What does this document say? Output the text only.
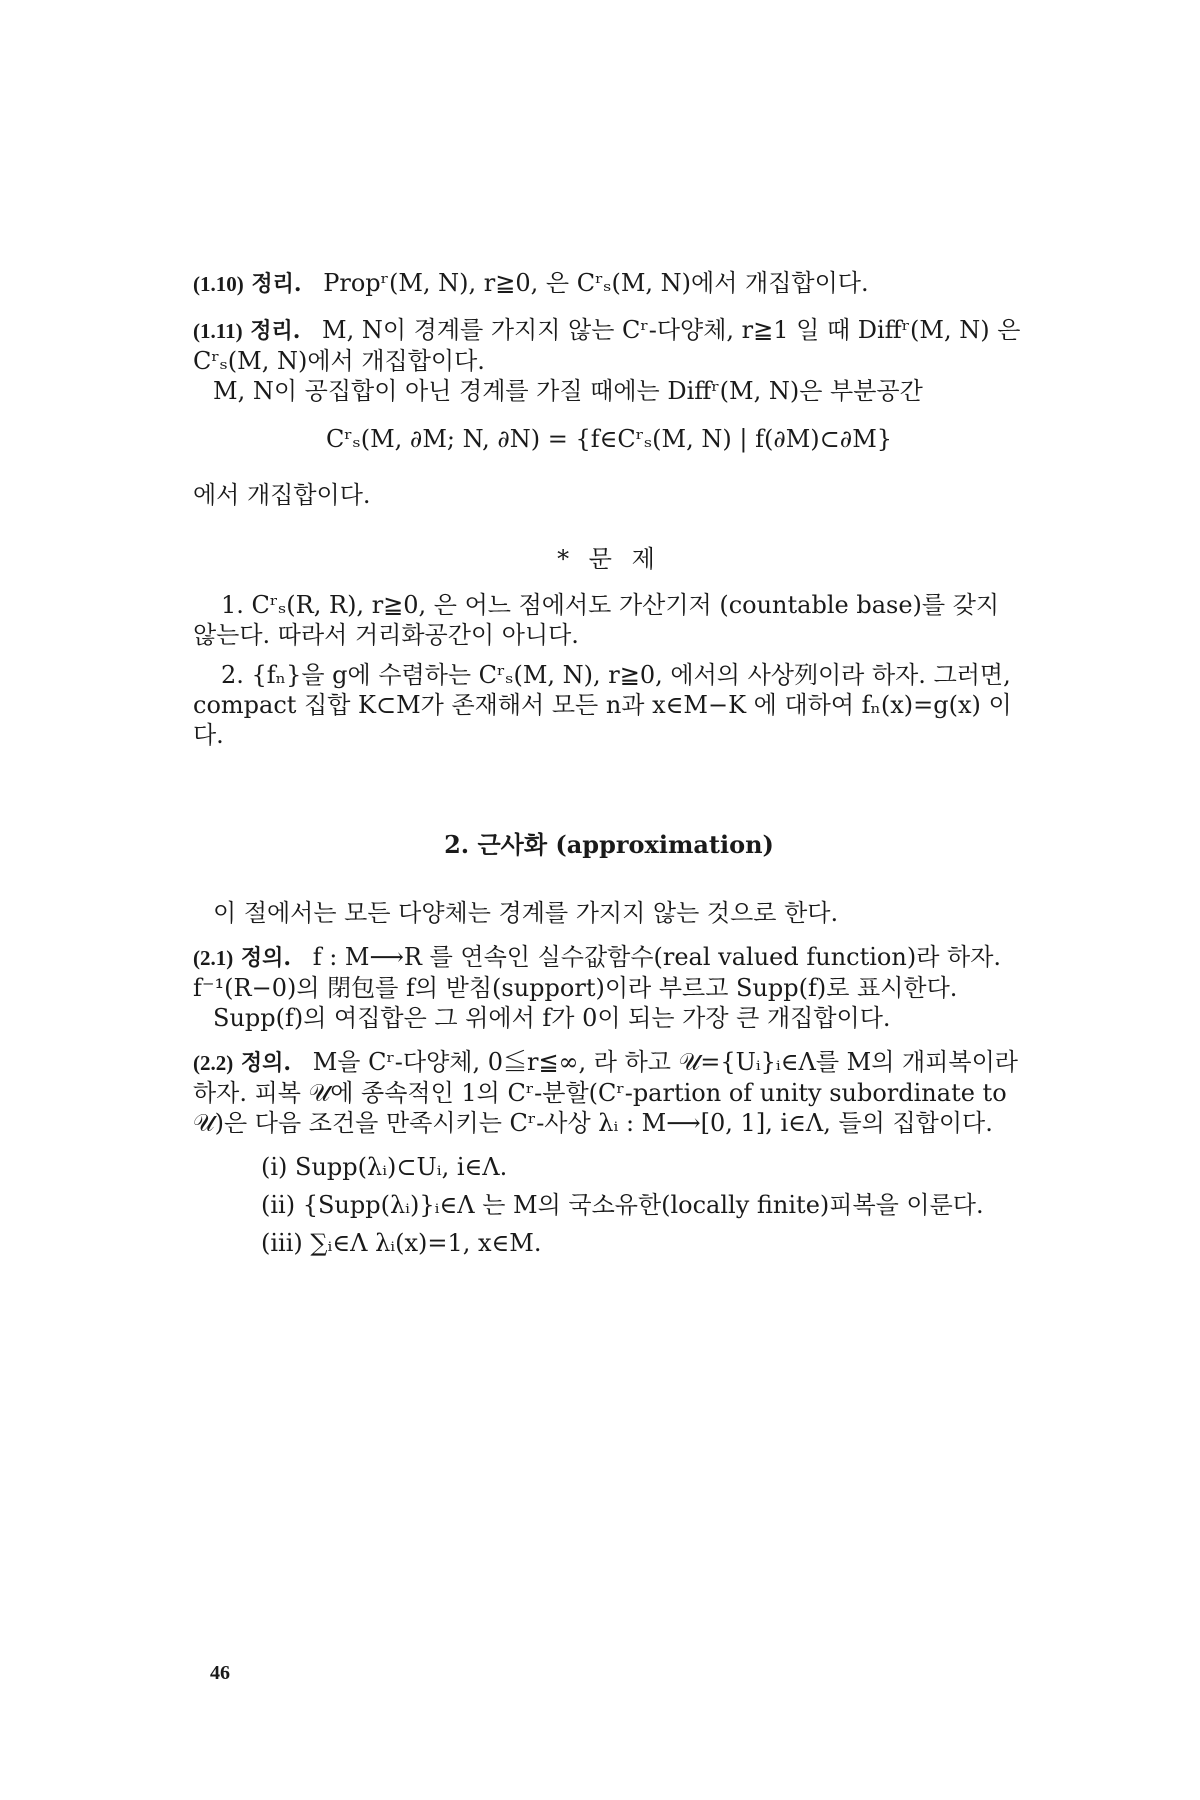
(1.10) 정리. Propʳ(M, N), r≧0, 은 Cʳₛ(M, N)에서 개집합이다.

(1.11) 정리. M, N이 경계를 가지지 않는 Cʳ-다양체, r≧1 일 때 Diffʳ(M, N) 은 Cʳₛ(M, N)에서 개집합이다.

M, N이 공집합이 아닌 경계를 가질 때에는 Diffʳ(M, N)은 부분공간

Cʳₛ(M, ∂M; N, ∂N) = {f∈Cʳₛ(M, N) | f(∂M)⊂∂M}

에서 개집합이다.

* 문 제

1. Cʳₛ(R, R), r≧0, 은 어느 점에서도 가산기저 (countable base)를 갖지 않는다. 따라서 거리화공간이 아니다.

2. {fₙ}을 g에 수렴하는 Cʳₛ(M, N), r≧0, 에서의 사상列이라 하자. 그러면, compact 집합 K⊂M가 존재해서 모든 n과 x∈M−K 에 대하여 fₙ(x)=g(x) 이다.

2. 근사화 (approximation)

이 절에서는 모든 다양체는 경계를 가지지 않는 것으로 한다.

(2.1) 정의. f : M⟶R 를 연속인 실수값함수(real valued function)라 하자. f⁻¹(R−0)의 閉包를 f의 받침(support)이라 부르고 Supp(f)로 표시한다.

Supp(f)의 여집합은 그 위에서 f가 0이 되는 가장 큰 개집합이다.

(2.2) 정의. M을 Cʳ-다양체, 0≦r≦∞, 라 하고 𝒰={Uᵢ}ᵢ∈Λ를 M의 개피복이라 하자. 피복 𝒰에 종속적인 1의 Cʳ-분할(Cʳ-partion of unity subordinate to 𝒰)은 다음 조건을 만족시키는 Cʳ-사상 λᵢ : M⟶[0, 1], i∈Λ, 들의 집합이다.

(i) Supp(λᵢ)⊂Uᵢ, i∈Λ.

(ii) {Supp(λᵢ)}ᵢ∈Λ 는 M의 국소유한(locally finite)피복을 이룬다.

(iii) ∑ᵢ∈Λ λᵢ(x)=1, x∈M.

46
